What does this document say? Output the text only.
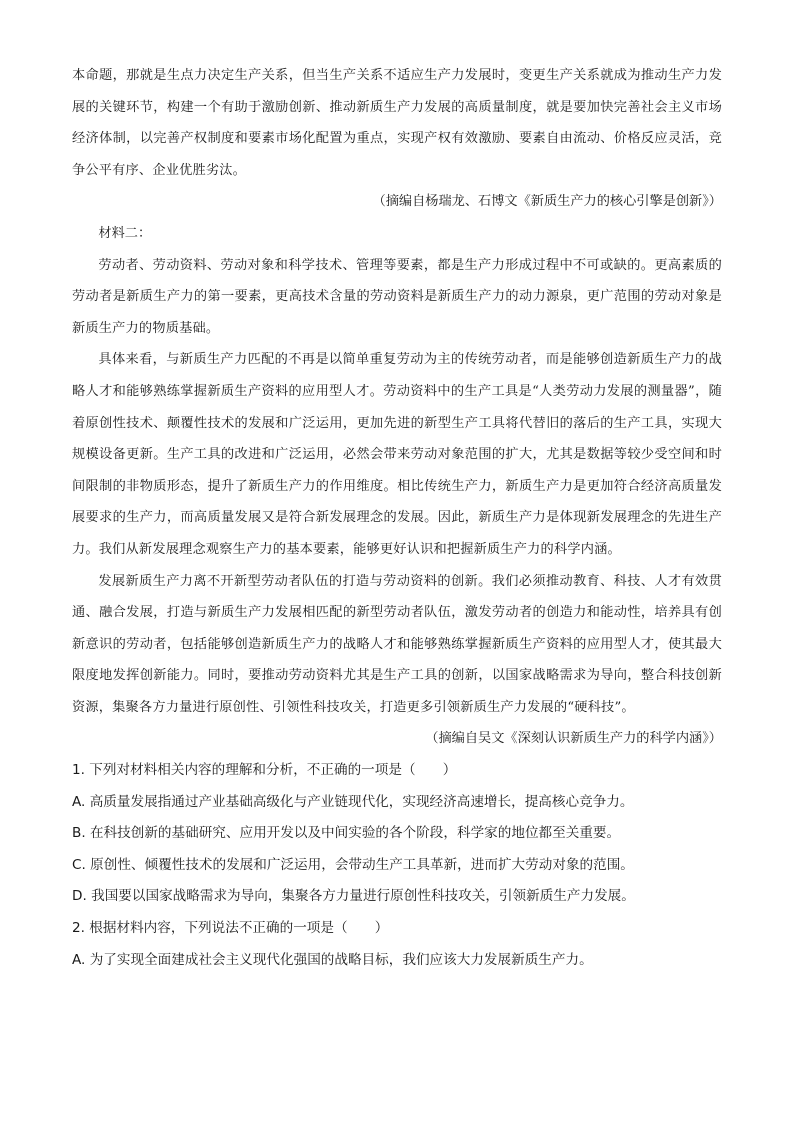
本命题，那就是生点力决定生产关系，但当生产关系不适应生产力发展时，变更生产关系就成为推动生产力发展的关键环节，构建一个有助于激励创新、推动新质生产力发展的高质量制度，就是要加快完善社会主义市场经济体制，以完善产权制度和要素市场化配置为重点，实现产权有效激励、要素自由流动、价格反应灵活，竞争公平有序、企业优胜劣汰。

（摘编自杨瑞龙、石博文《新质生产力的核心引擎是创新》）

材料二：

劳动者、劳动资料、劳动对象和科学技术、管理等要素，都是生产力形成过程中不可或缺的。更高素质的劳动者是新质生产力的第一要素，更高技术含量的劳动资料是新质生产力的动力源泉，更广范围的劳动对象是新质生产力的物质基础。

具体来看，与新质生产力匹配的不再是以简单重复劳动为主的传统劳动者，而是能够创造新质生产力的战略人才和能够熟练掌握新质生产资料的应用型人才。劳动资料中的生产工具是“人类劳动力发展的测量器”，随着原创性技术、颠覆性技术的发展和广泛运用，更加先进的新型生产工具将代替旧的落后的生产工具，实现大规模设备更新。生产工具的改进和广泛运用，必然会带来劳动对象范围的扩大，尤其是数据等较少受空间和时间限制的非物质形态，提升了新质生产力的作用维度。相比传统生产力，新质生产力是更加符合经济高质量发展要求的生产力，而高质量发展又是符合新发展理念的发展。因此，新质生产力是体现新发展理念的先进生产力。我们从新发展理念观察生产力的基本要素，能够更好认识和把握新质生产力的科学内涵。

发展新质生产力离不开新型劳动者队伍的打造与劳动资料的创新。我们必须推动教育、科技、人才有效贯通、融合发展，打造与新质生产力发展相匹配的新型劳动者队伍，激发劳动者的创造力和能动性，培养具有创新意识的劳动者，包括能够创造新质生产力的战略人才和能够熟练掌握新质生产资料的应用型人才，使其最大限度地发挥创新能力。同时，要推动劳动资料尤其是生产工具的创新，以国家战略需求为导向，整合科技创新资源，集聚各方力量进行原创性、引领性科技攻关，打造更多引领新质生产力发展的“硬科技”。

（摘编自吴文《深刻认识新质生产力的科学内涵》）

1. 下列对材料相关内容的理解和分析，不正确的一项是（　　）

A. 高质量发展指通过产业基础高级化与产业链现代化，实现经济高速增长，提高核心竞争力。
B. 在科技创新的基础研究、应用开发以及中间实验的各个阶段，科学家的地位都至关重要。
C. 原创性、倾覆性技术的发展和广泛运用，会带动生产工具革新，进而扩大劳动对象的范围。
D. 我国要以国家战略需求为导向，集聚各方力量进行原创性科技攻关，引领新质生产力发展。

2. 根据材料内容，下列说法不正确的一项是（　　）

A. 为了实现全面建成社会主义现代化强国的战略目标，我们应该大力发展新质生产力。
